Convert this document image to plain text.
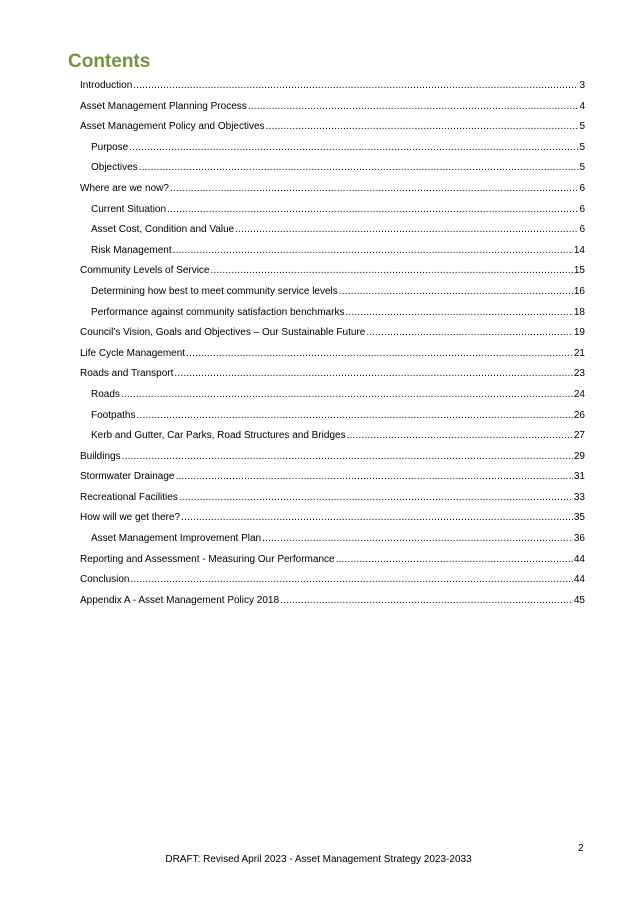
Contents
Introduction .....	3
Asset Management Planning Process .....	4
Asset Management Policy and Objectives .....	5
Purpose .....	5
Objectives .....	5
Where are we now? .....	6
Current Situation .....	6
Asset Cost, Condition and Value .....	6
Risk Management .....	14
Community Levels of Service .....	15
Determining how best to meet community service levels .....	16
Performance against community satisfaction benchmarks .....	18
Council’s Vision, Goals and Objectives – Our Sustainable Future .....	19
Life Cycle Management .....	21
Roads and Transport .....	23
Roads .....	24
Footpaths .....	26
Kerb and Gutter, Car Parks, Road Structures and Bridges .....	27
Buildings .....	29
Stormwater Drainage .....	31
Recreational Facilities .....	33
How will we get there? .....	35
Asset Management Improvement Plan .....	36
Reporting and Assessment - Measuring Our Performance .....	44
Conclusion .....	44
Appendix A - Asset Management Policy 2018 .....	45
2
DRAFT: Revised April 2023 - Asset Management Strategy 2023-2033
